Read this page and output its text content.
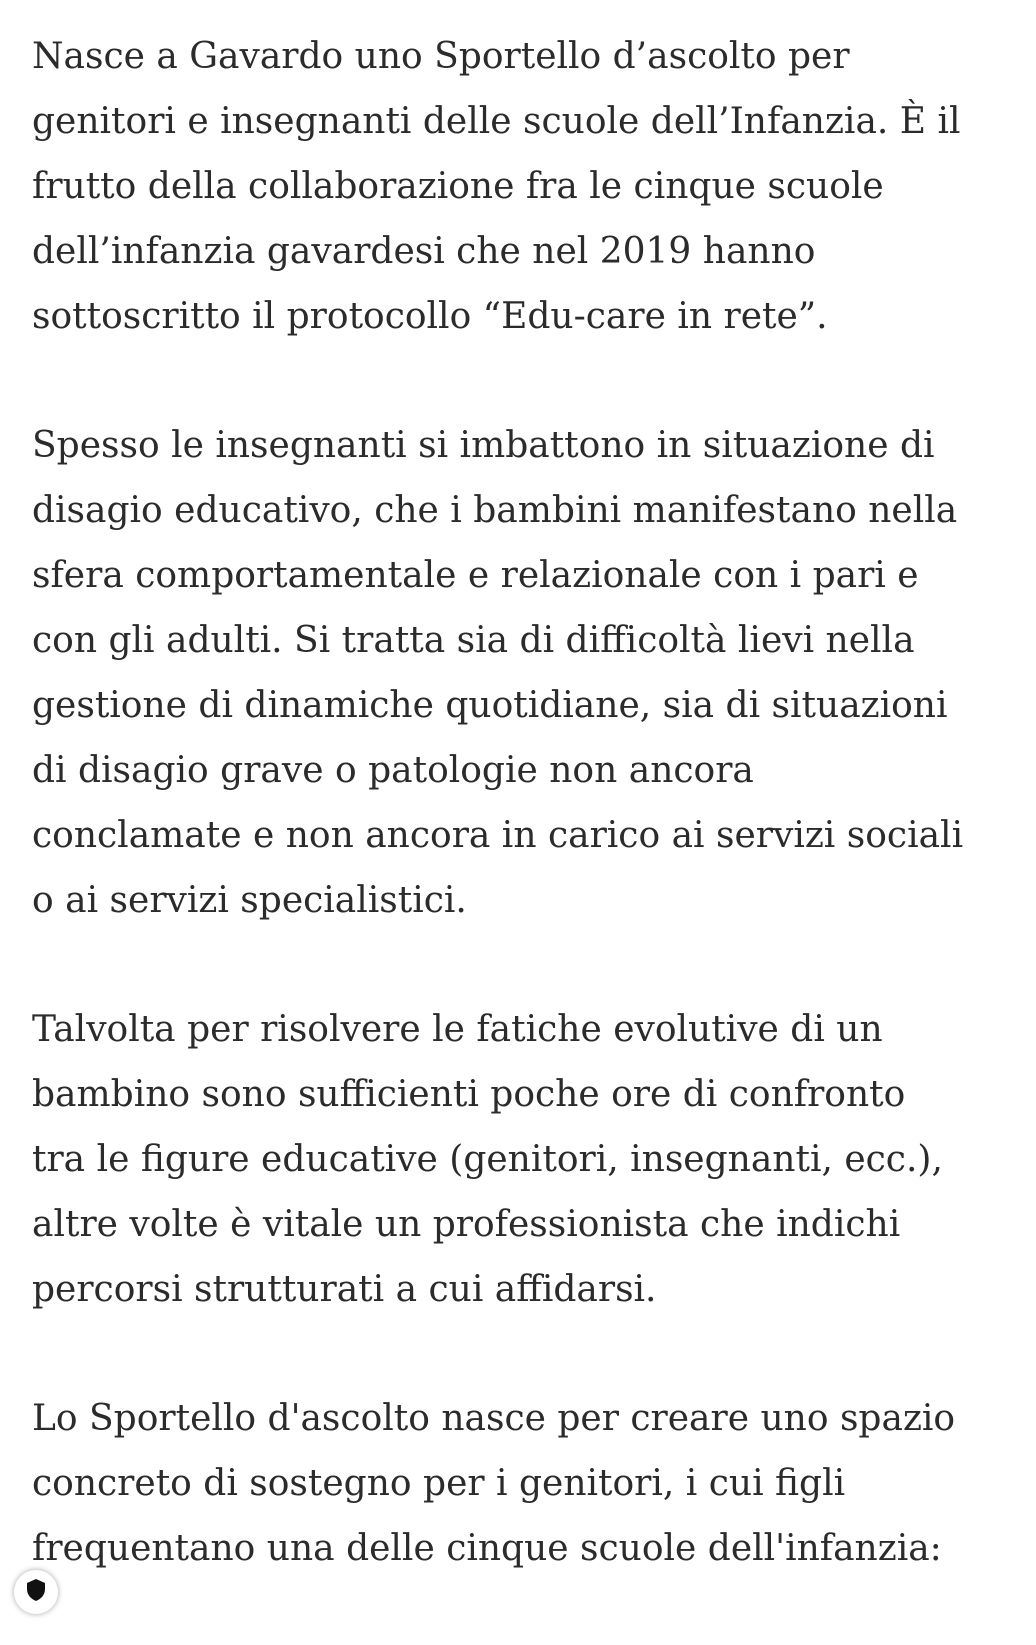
Nasce a Gavardo uno Sportello d’ascolto per
genitori e insegnanti delle scuole dell’Infanzia. È il
frutto della collaborazione fra le cinque scuole
dell’infanzia gavardesi che nel 2019 hanno
sottoscritto il protocollo “Edu-care in rete”.

Spesso le insegnanti si imbattono in situazione di
disagio educativo, che i bambini manifestano nella
sfera comportamentale e relazionale con i pari e
con gli adulti. Si tratta sia di difficoltà lievi nella
gestione di dinamiche quotidiane, sia di situazioni
di disagio grave o patologie non ancora
conclamate e non ancora in carico ai servizi sociali
o ai servizi specialistici.

Talvolta per risolvere le fatiche evolutive di un
bambino sono sufficienti poche ore di confronto
tra le figure educative (genitori, insegnanti, ecc.),
altre volte è vitale un professionista che indichi
percorsi strutturati a cui affidarsi.

Lo Sportello d'ascolto nasce per creare uno spazio
concreto di sostegno per i genitori, i cui figli
frequentano una delle cinque scuole dell'infanzia:
